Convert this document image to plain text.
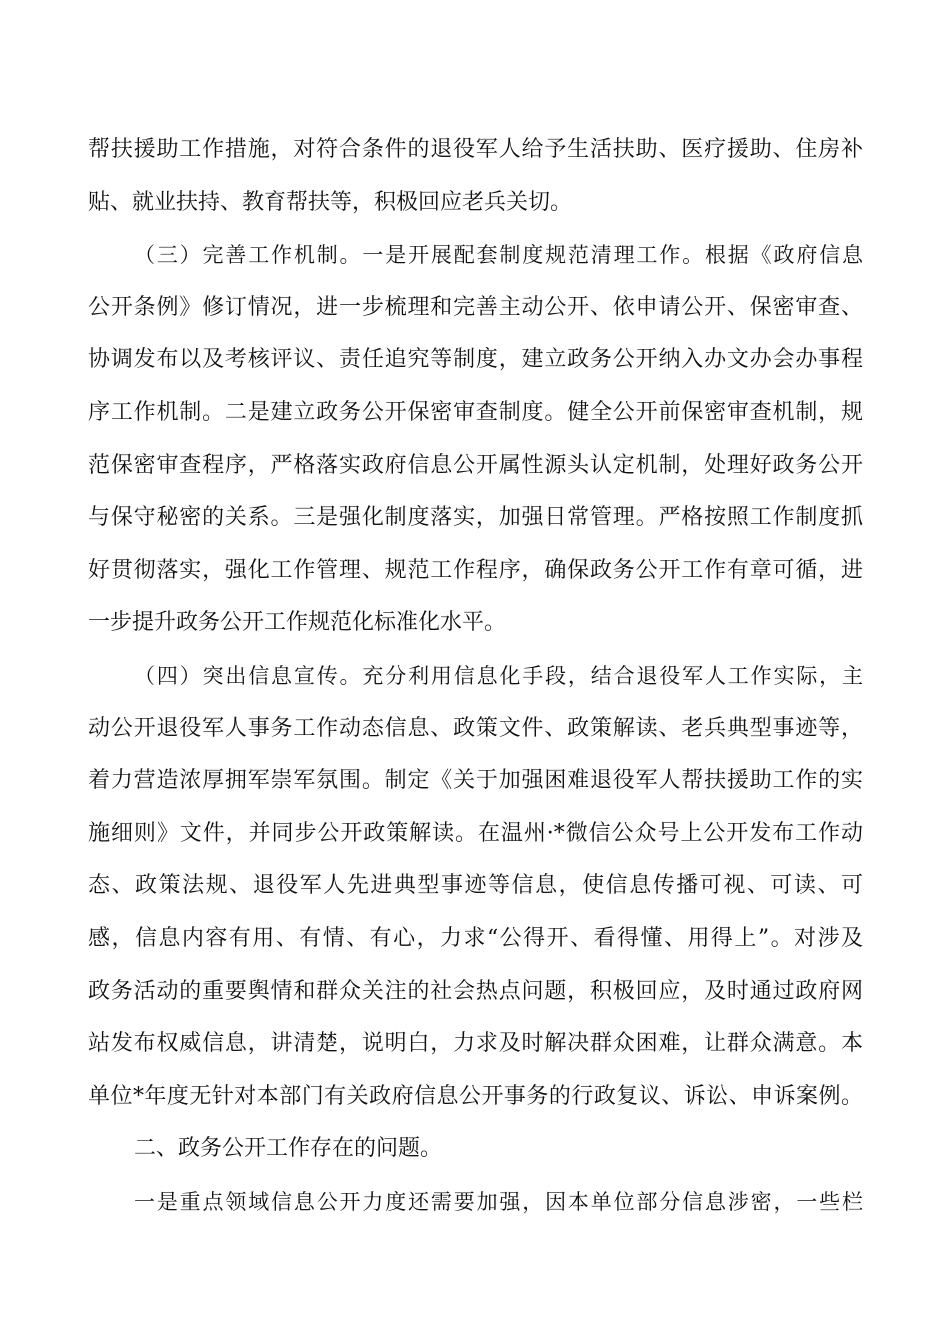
帮扶援助工作措施，对符合条件的退役军人给予生活扶助、医疗援助、住房补
贴、就业扶持、教育帮扶等，积极回应老兵关切。
（三）完善工作机制。一是开展配套制度规范清理工作。根据《政府信息
公开条例》修订情况，进一步梳理和完善主动公开、依申请公开、保密审查、
协调发布以及考核评议、责任追究等制度，建立政务公开纳入办文办会办事程
序工作机制。二是建立政务公开保密审查制度。健全公开前保密审查机制，规
范保密审查程序，严格落实政府信息公开属性源头认定机制，处理好政务公开
与保守秘密的关系。三是强化制度落实，加强日常管理。严格按照工作制度抓
好贯彻落实，强化工作管理、规范工作程序，确保政务公开工作有章可循，进
一步提升政务公开工作规范化标准化水平。
（四）突出信息宣传。充分利用信息化手段，结合退役军人工作实际，主
动公开退役军人事务工作动态信息、政策文件、政策解读、老兵典型事迹等，
着力营造浓厚拥军崇军氛围。制定《关于加强困难退役军人帮扶援助工作的实
施细则》文件，并同步公开政策解读。在温州·*微信公众号上公开发布工作动
态、政策法规、退役军人先进典型事迹等信息，使信息传播可视、可读、可
感，信息内容有用、有情、有心，力求“公得开、看得懂、用得上”。对涉及
政务活动的重要舆情和群众关注的社会热点问题，积极回应，及时通过政府网
站发布权威信息，讲清楚，说明白，力求及时解决群众困难，让群众满意。本
单位*年度无针对本部门有关政府信息公开事务的行政复议、诉讼、申诉案例。
二、政务公开工作存在的问题。
一是重点领域信息公开力度还需要加强，因本单位部分信息涉密，一些栏
